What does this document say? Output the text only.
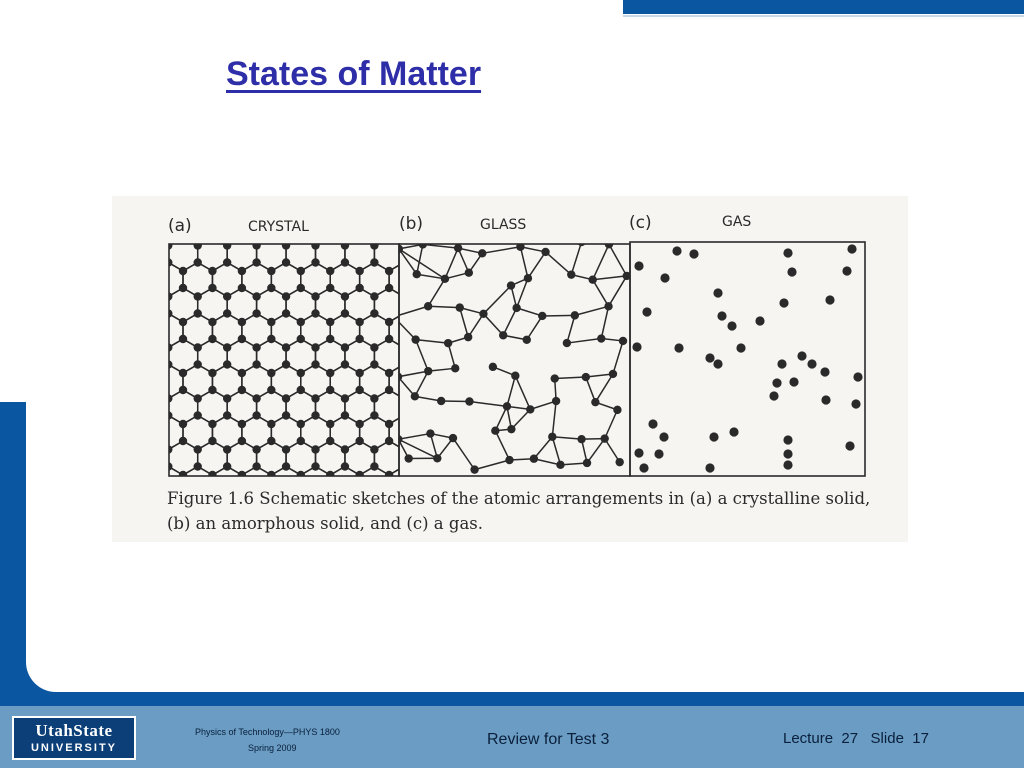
States of Matter
(a)	CRYSTAL	(b)	GLASS	(c)	GAS

Figure 1.6 Schematic sketches of the atomic arrangements in (a) a crystalline solid,
(b) an amorphous solid, and (c) a gas.

UtahState
UNIVERSITY
Physics of Technology—PHYS 1800
Spring 2009	Review for Test 3	Lecture  27   Slide  17
